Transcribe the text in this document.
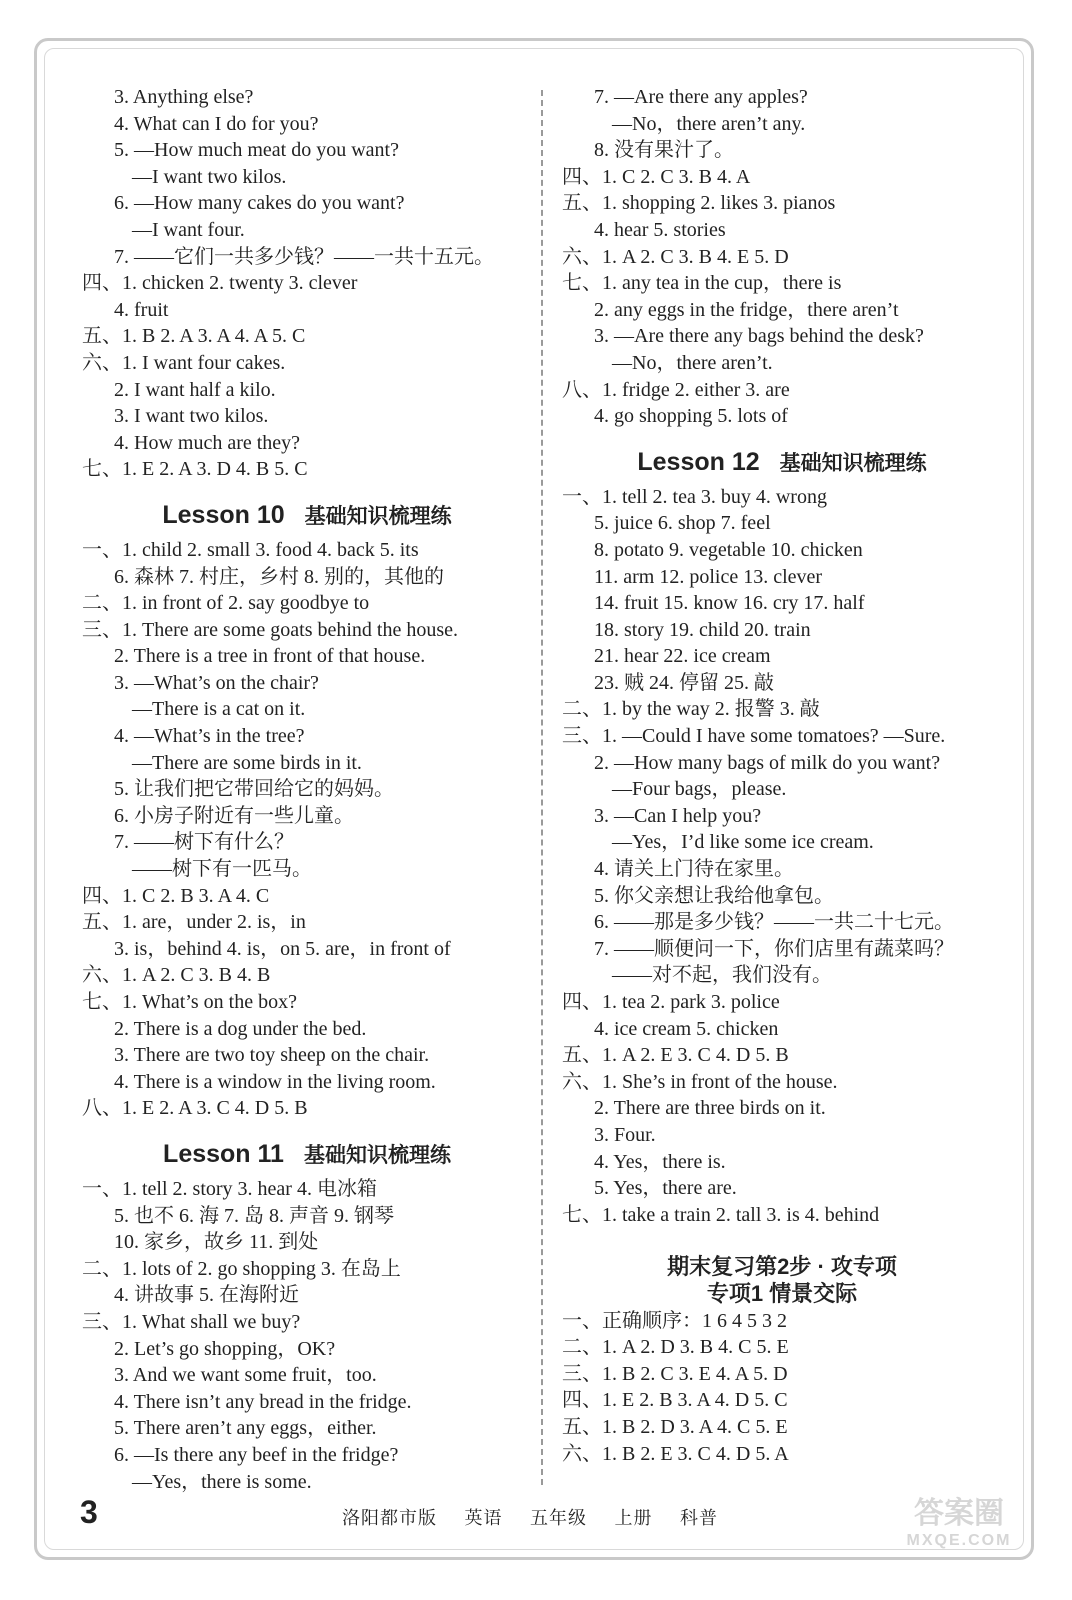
3. Anything else?
4. What can I do for you?
5. —How much meat do you want?
—I want two kilos.
6. —How many cakes do you want?
—I want four.
7. ——它们一共多少钱？——一共十五元。
四、1. chicken 2. twenty 3. clever
4. fruit
五、1. B 2. A 3. A 4. A 5. C
六、1. I want four cakes.
2. I want half a kilo.
3. I want two kilos.
4. How much are they?
七、1. E 2. A 3. D 4. B 5. C
Lesson 10 基础知识梳理练
一、1. child 2. small 3. food 4. back 5. its
6. 森林 7. 村庄，乡村 8. 别的，其他的
二、1. in front of 2. say goodbye to
三、1. There are some goats behind the house.
2. There is a tree in front of that house.
3. —What’s on the chair?
—There is a cat on it.
4. —What’s in the tree?
—There are some birds in it.
5. 让我们把它带回给它的妈妈。
6. 小房子附近有一些儿童。
7. ——树下有什么？
——树下有一匹马。
四、1. C 2. B 3. A 4. C
五、1. are，under 2. is，in
3. is，behind 4. is，on 5. are，in front of
六、1. A 2. C 3. B 4. B
七、1. What’s on the box?
2. There is a dog under the bed.
3. There are two toy sheep on the chair.
4. There is a window in the living room.
八、1. E 2. A 3. C 4. D 5. B
Lesson 11 基础知识梳理练
一、1. tell 2. story 3. hear 4. 电冰箱
5. 也不 6. 海 7. 岛 8. 声音 9. 钢琴
10. 家乡，故乡 11. 到处
二、1. lots of 2. go shopping 3. 在岛上
4. 讲故事 5. 在海附近
三、1. What shall we buy?
2. Let’s go shopping，OK?
3. And we want some fruit，too.
4. There isn’t any bread in the fridge.
5. There aren’t any eggs，either.
6. —Is there any beef in the fridge?
—Yes，there is some.
7. —Are there any apples?
—No，there aren’t any.
8. 没有果汁了。
四、1. C 2. C 3. B 4. A
五、1. shopping 2. likes 3. pianos
4. hear 5. stories
六、1. A 2. C 3. B 4. E 5. D
七、1. any tea in the cup，there is
2. any eggs in the fridge，there aren’t
3. —Are there any bags behind the desk?
—No，there aren’t.
八、1. fridge 2. either 3. are
4. go shopping 5. lots of
Lesson 12 基础知识梳理练
一、1. tell 2. tea 3. buy 4. wrong
5. juice 6. shop 7. feel
8. potato 9. vegetable 10. chicken
11. arm 12. police 13. clever
14. fruit 15. know 16. cry 17. half
18. story 19. child 20. train
21. hear 22. ice cream
23. 贼 24. 停留 25. 敲
二、1. by the way 2. 报警 3. 敲
三、1. —Could I have some tomatoes? —Sure.
2. —How many bags of milk do you want?
—Four bags，please.
3. —Can I help you?
—Yes，I’d like some ice cream.
4. 请关上门待在家里。
5. 你父亲想让我给他拿包。
6. ——那是多少钱？——一共二十七元。
7. ——顺便问一下，你们店里有蔬菜吗？
——对不起，我们没有。
四、1. tea 2. park 3. police
4. ice cream 5. chicken
五、1. A 2. E 3. C 4. D 5. B
六、1. She’s in front of the house.
2. There are three birds on it.
3. Four.
4. Yes，there is.
5. Yes，there are.
七、1. take a train 2. tall 3. is 4. behind
期末复习第2步 · 攻专项
专项1 情景交际
一、正确顺序：1 6 4 5 3 2
二、1. A 2. D 3. B 4. C 5. E
三、1. B 2. C 3. E 4. A 5. D
四、1. E 2. B 3. A 4. D 5. C
五、1. B 2. D 3. A 4. C 5. E
六、1. B 2. E 3. C 4. D 5. A
3	洛阳都市版 英语 五年级 上册 科普	答案圈
MXQE.COM
